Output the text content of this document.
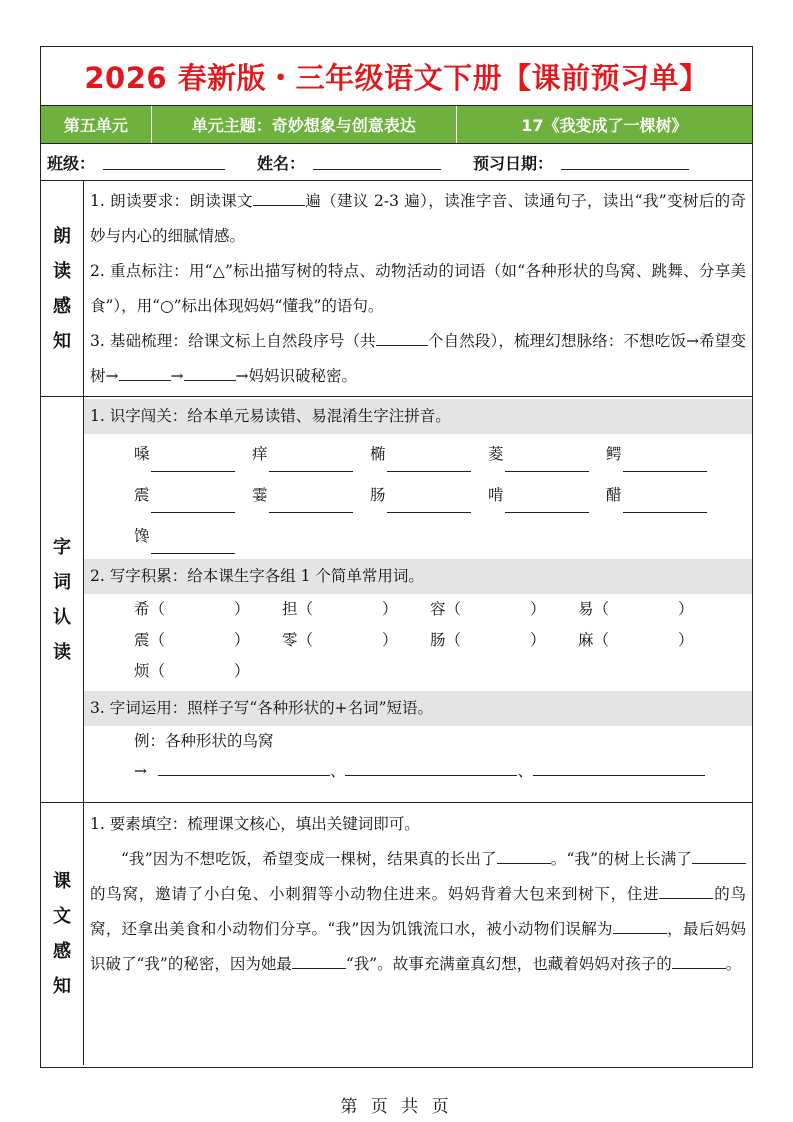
2026 春新版・三年级语文下册【课前预习单】
第五单元	单元主题：奇妙想象与创意表达	17《我变成了一棵树》
班级：	姓名：	预习日期：
朗
读
感
知
1. 朗读要求：朗读课文	遍（建议 2-3 遍），读准字音、读通句子，读出“我”变树后的奇妙与内心的细腻情感。
2. 重点标注：用“△”标出描写树的特点、动物活动的词语（如“各种形状的鸟窝、跳舞、分享美食”），用“○”标出体现妈妈“懂我”的语句。
3. 基础梳理：给课文标上自然段序号（共	个自然段），梳理幻想脉络：不想吃饭→希望变树→	→	→妈妈识破秘密。
字
词
认
读
1. 识字闯关：给本单元易读错、易混淆生字注拼音。
嗓	痒	椭	菱	鳄
震	霎	肠	啃	醋
馋
2. 写字积累：给本课生字各组 1 个简单常用词。
希（              ）	担（              ）	容（              ）	易（              ）
震（              ）	零（              ）	肠（              ）	麻（              ）
烦（              ）
3. 字词运用：照样子写“各种形状的+名词”短语。
例：各种形状的鸟窝
→	、	、
课
文
感
知
1. 要素填空：梳理课文核心，填出关键词即可。
“我”因为不想吃饭，希望变成一棵树，结果真的长出了	。“我”的树上长满了的鸟窝，邀请了小白兔、小刺猬等小动物住进来。妈妈背着大包来到树下，住进	的鸟窝，还拿出美食和小动物们分享。“我”因为饥饿流口水，被小动物们误解为	，最后妈妈识破了“我”的秘密，因为她最	“我”。故事充满童真幻想，也藏着妈妈对孩子的	。
第 页 共 页
